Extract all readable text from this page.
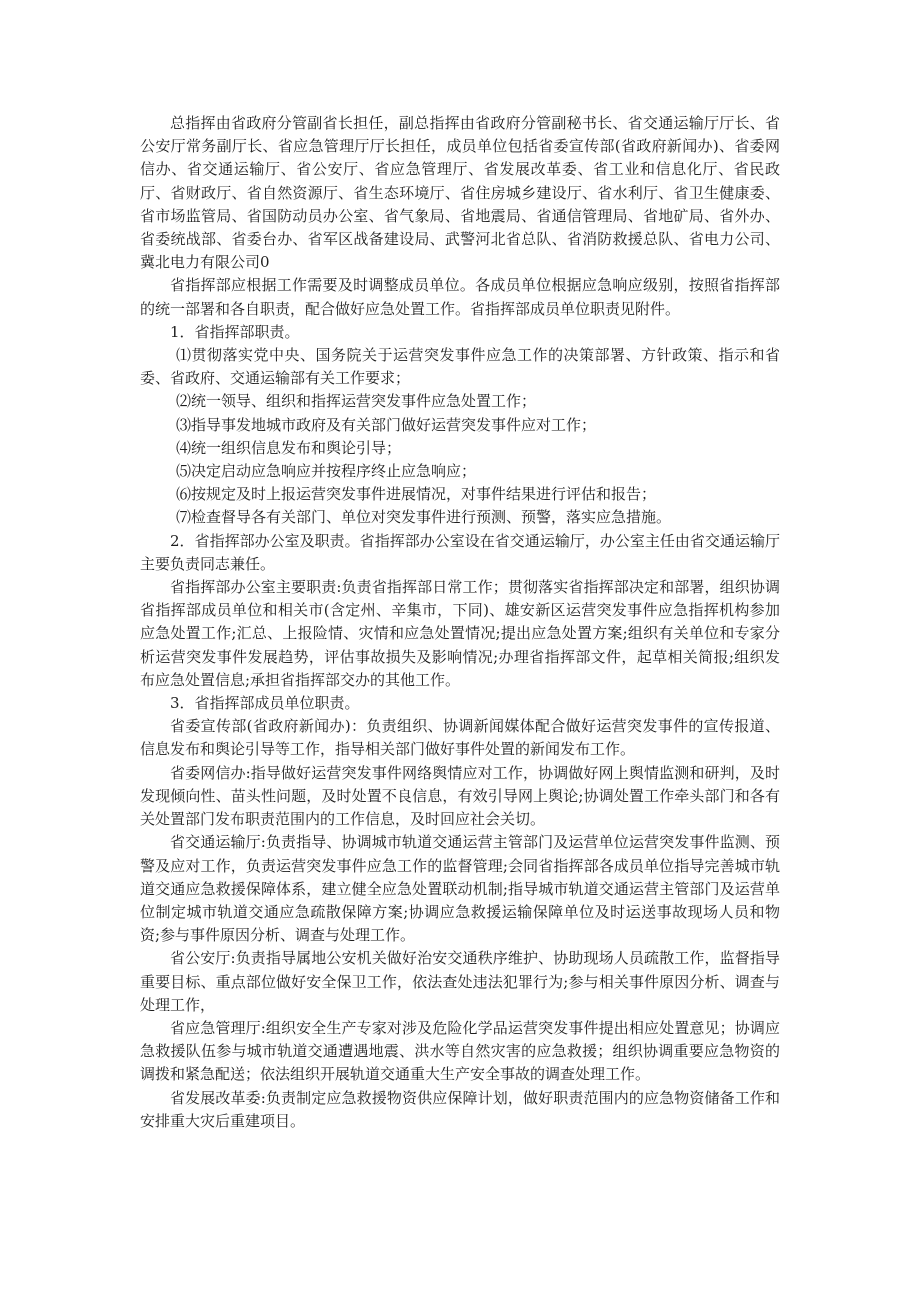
总指挥由省政府分管副省长担任，副总指挥由省政府分管副秘书长、省交通运输厅厅长、省公安厅常务副厅长、省应急管理厅厅长担任，成员单位包括省委宣传部(省政府新闻办)、省委网信办、省交通运输厅、省公安厅、省应急管理厅、省发展改革委、省工业和信息化厅、省民政厅、省财政厅、省自然资源厅、省生态环境厅、省住房城乡建设厅、省水利厅、省卫生健康委、省市场监管局、省国防动员办公室、省气象局、省地震局、省通信管理局、省地矿局、省外办、省委统战部、省委台办、省军区战备建设局、武警河北省总队、省消防救援总队、省电力公司、冀北电力有限公司0

省指挥部应根据工作需要及时调整成员单位。各成员单位根据应急响应级别，按照省指挥部的统一部署和各自职责，配合做好应急处置工作。省指挥部成员单位职责见附件。

1．省指挥部职责。

⑴贯彻落实党中央、国务院关于运营突发事件应急工作的决策部署、方针政策、指示和省委、省政府、交通运输部有关工作要求；

⑵统一领导、组织和指挥运营突发事件应急处置工作；

⑶指导事发地城市政府及有关部门做好运营突发事件应对工作；

⑷统一组织信息发布和舆论引导；

⑸决定启动应急响应并按程序终止应急响应；

⑹按规定及时上报运营突发事件进展情况，对事件结果进行评估和报告；

⑺检查督导各有关部门、单位对突发事件进行预测、预警，落实应急措施。

2．省指挥部办公室及职责。省指挥部办公室设在省交通运输厅，办公室主任由省交通运输厅主要负责同志兼任。

省指挥部办公室主要职责:负责省指挥部日常工作；贯彻落实省指挥部决定和部署，组织协调省指挥部成员单位和相关市(含定州、辛集市，下同)、雄安新区运营突发事件应急指挥机构参加应急处置工作;汇总、上报险情、灾情和应急处置情况;提出应急处置方案;组织有关单位和专家分析运营突发事件发展趋势，评估事故损失及影响情况;办理省指挥部文件，起草相关简报;组织发布应急处置信息;承担省指挥部交办的其他工作。

3．省指挥部成员单位职责。

省委宣传部(省政府新闻办)：负责组织、协调新闻媒体配合做好运营突发事件的宣传报道、信息发布和舆论引导等工作，指导相关部门做好事件处置的新闻发布工作。

省委网信办:指导做好运营突发事件网络舆情应对工作，协调做好网上舆情监测和研判，及时发现倾向性、苗头性问题，及时处置不良信息，有效引导网上舆论;协调处置工作牵头部门和各有关处置部门发布职责范围内的工作信息，及时回应社会关切。

省交通运输厅:负责指导、协调城市轨道交通运营主管部门及运营单位运营突发事件监测、预警及应对工作，负责运营突发事件应急工作的监督管理;会同省指挥部各成员单位指导完善城市轨道交通应急救援保障体系，建立健全应急处置联动机制;指导城市轨道交通运营主管部门及运营单位制定城市轨道交通应急疏散保障方案;协调应急救援运输保障单位及时运送事故现场人员和物资;参与事件原因分析、调查与处理工作。

省公安厅:负责指导属地公安机关做好治安交通秩序维护、协助现场人员疏散工作，监督指导重要目标、重点部位做好安全保卫工作，依法查处违法犯罪行为;参与相关事件原因分析、调查与处理工作，

省应急管理厅:组织安全生产专家对涉及危险化学品运营突发事件提出相应处置意见；协调应急救援队伍参与城市轨道交通遭遇地震、洪水等自然灾害的应急救援；组织协调重要应急物资的调拨和紧急配送；依法组织开展轨道交通重大生产安全事故的调查处理工作。

省发展改革委:负责制定应急救援物资供应保障计划，做好职责范围内的应急物资储备工作和安排重大灾后重建项目。
